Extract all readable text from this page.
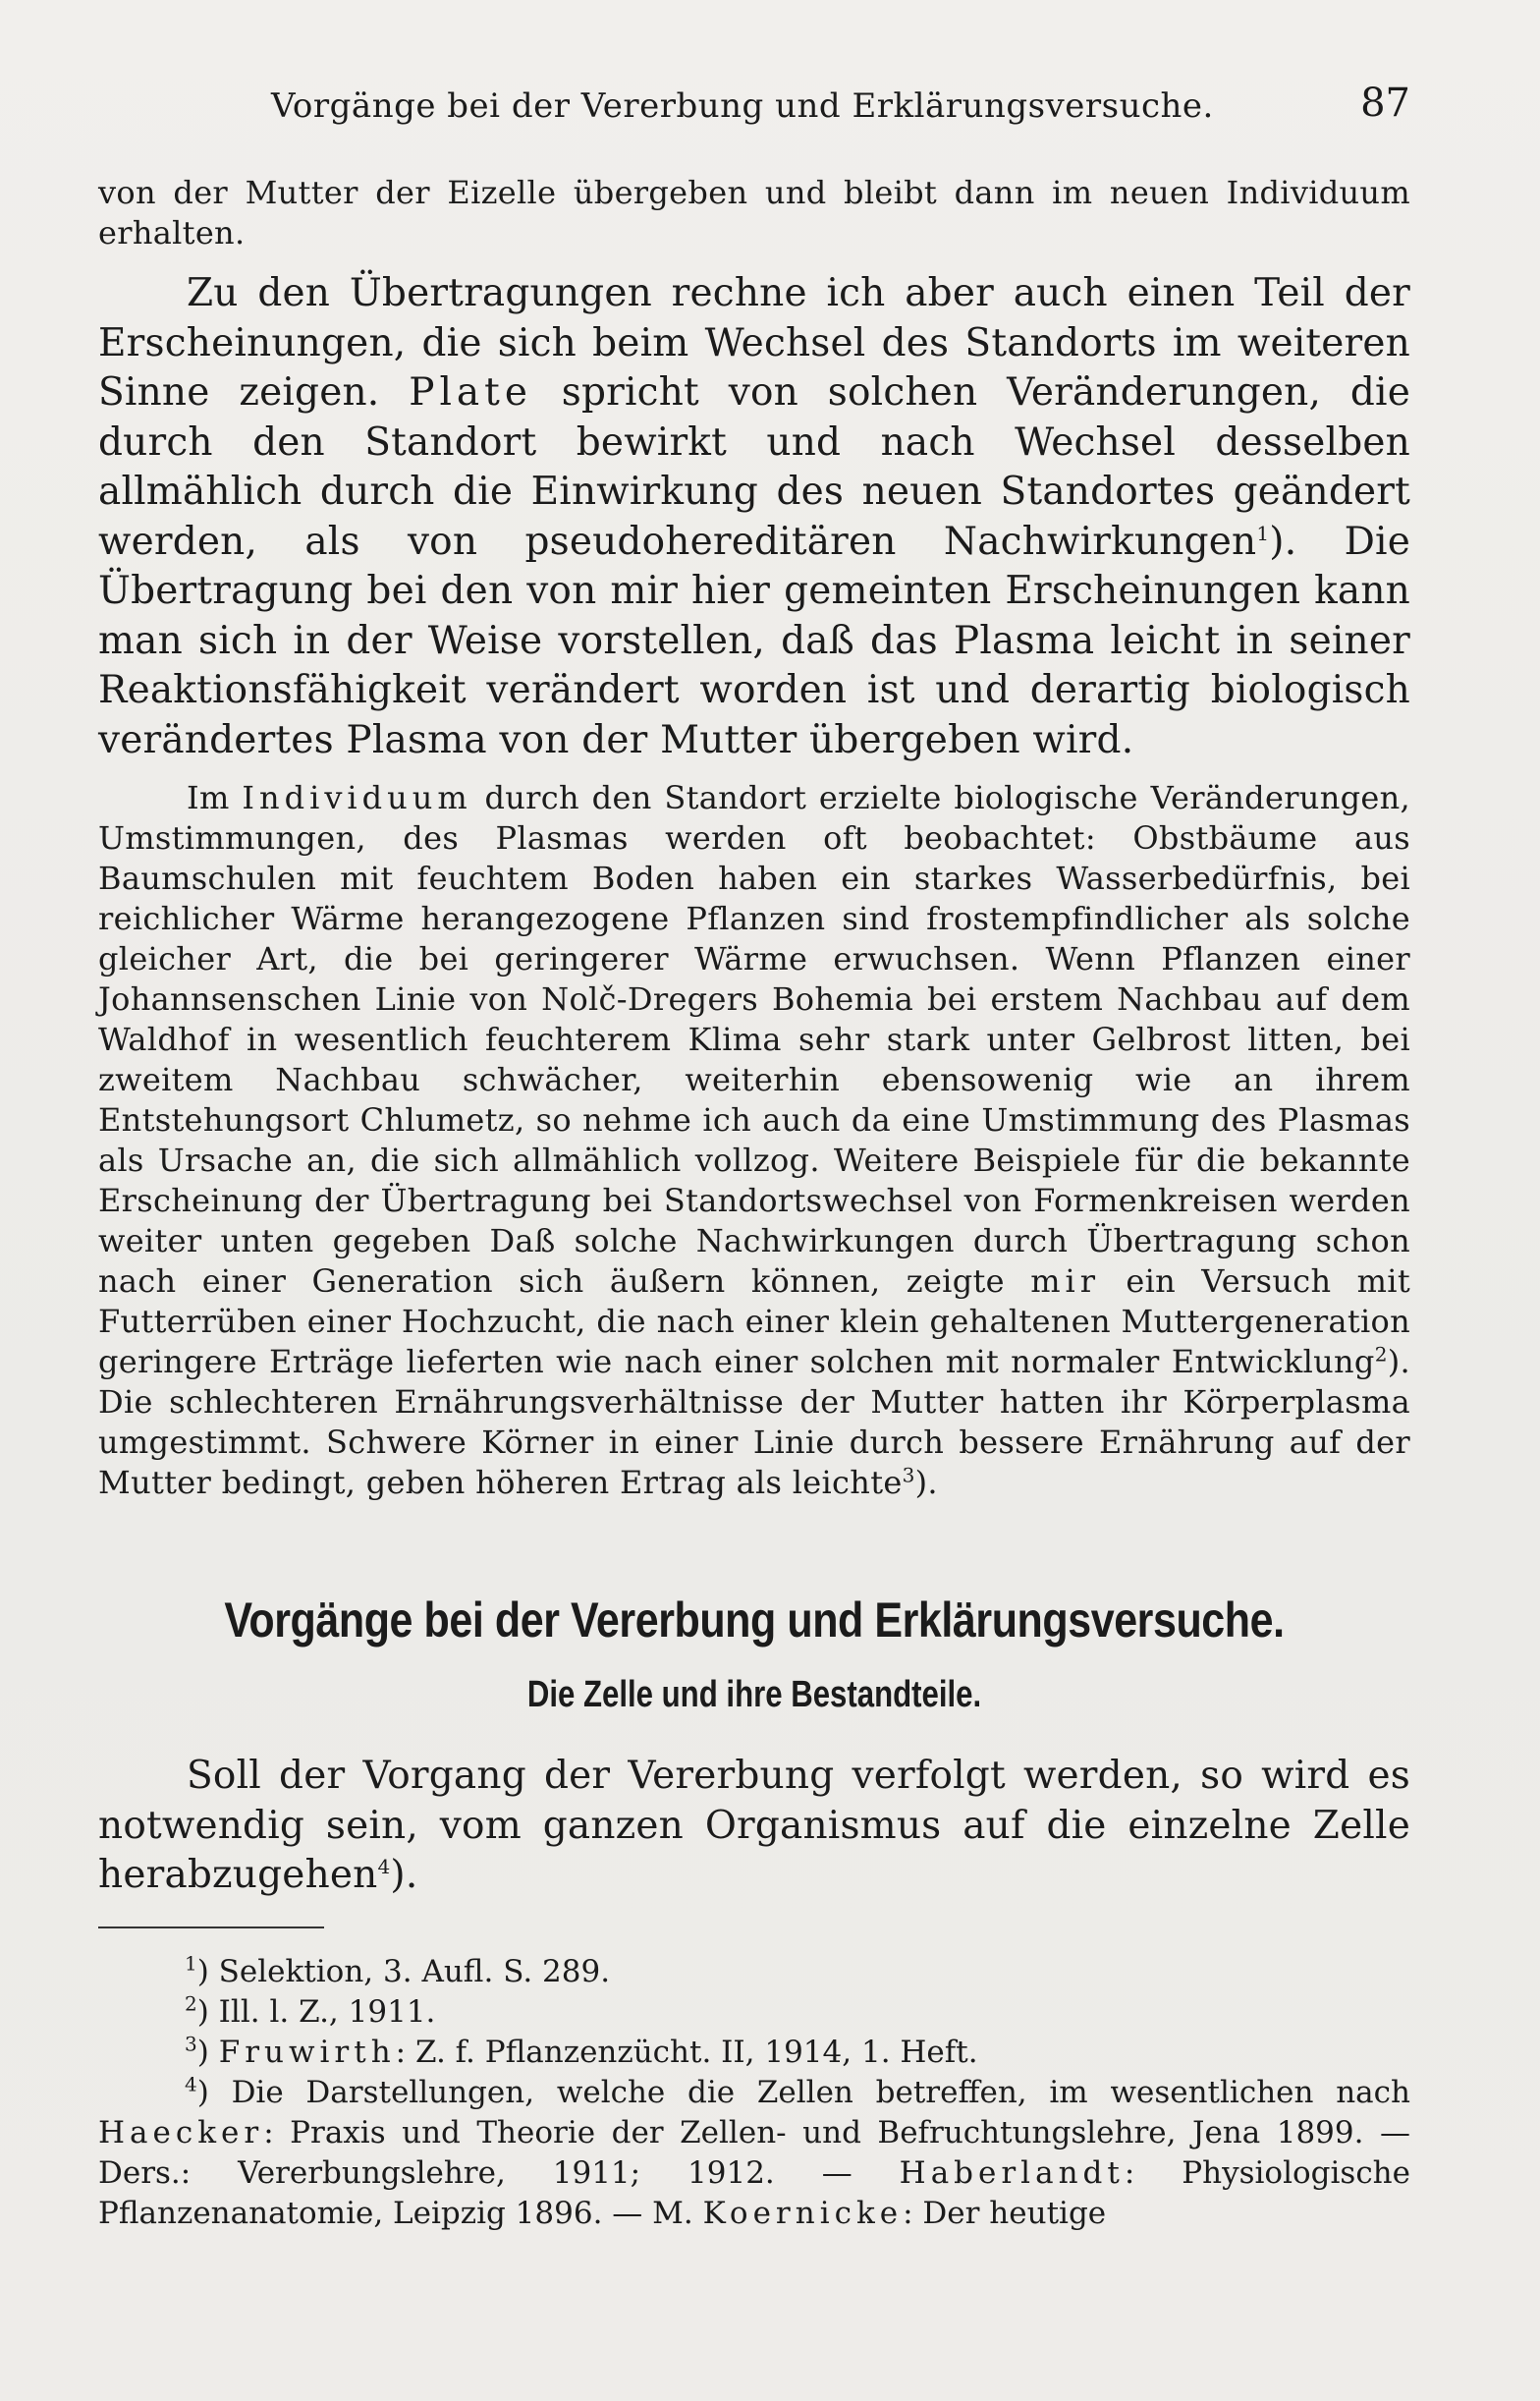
Vorgänge bei der Vererbung und Erklärungsversuche.	87

von der Mutter der Eizelle übergeben und bleibt dann im neuen Individuum erhalten.

Zu den Übertragungen rechne ich aber auch einen Teil der Erscheinungen, die sich beim Wechsel des Standorts im weiteren Sinne zeigen. Plate spricht von solchen Veränderungen, die durch den Standort bewirkt und nach Wechsel desselben allmählich durch die Einwirkung des neuen Standortes geändert werden, als von pseudohereditären Nachwirkungen$^1$). Die Übertragung bei den von mir hier gemeinten Erscheinungen kann man sich in der Weise vorstellen, daß das Plasma leicht in seiner Reaktionsfähigkeit verändert worden ist und derartig biologisch verändertes Plasma von der Mutter übergeben wird.

Im Individuum durch den Standort erzielte biologische Veränderungen, Umstimmungen, des Plasmas werden oft beobachtet: Obstbäume aus Baumschulen mit feuchtem Boden haben ein starkes Wasserbedürfnis, bei reichlicher Wärme herangezogene Pflanzen sind frostempfindlicher als solche gleicher Art, die bei geringerer Wärme erwuchsen. Wenn Pflanzen einer Johannsenschen Linie von Nolč-Dregers Bohemia bei erstem Nachbau auf dem Waldhof in wesentlich feuchterem Klima sehr stark unter Gelbrost litten, bei zweitem Nachbau schwächer, weiterhin ebensowenig wie an ihrem Entstehungsort Chlumetz, so nehme ich auch da eine Umstimmung des Plasmas als Ursache an, die sich allmählich vollzog. Weitere Beispiele für die bekannte Erscheinung der Übertragung bei Standortswechsel von Formenkreisen werden weiter unten gegeben Daß solche Nachwirkungen durch Übertragung schon nach einer Generation sich äußern können, zeigte mir ein Versuch mit Futterrüben einer Hochzucht, die nach einer klein gehaltenen Muttergeneration geringere Erträge lieferten wie nach einer solchen mit normaler Entwicklung$^2$). Die schlechteren Ernährungsverhältnisse der Mutter hatten ihr Körperplasma umgestimmt. Schwere Körner in einer Linie durch bessere Ernährung auf der Mutter bedingt, geben höheren Ertrag als leichte$^3$).

Vorgänge bei der Vererbung und Erklärungsversuche.
Die Zelle und ihre Bestandteile.

Soll der Vorgang der Vererbung verfolgt werden, so wird es notwendig sein, vom ganzen Organismus auf die einzelne Zelle herabzugehen$^4$).

$^1$) Selektion, 3. Aufl. S. 289.

$^2$) Ill. l. Z., 1911.

$^3$) Fruwirth: Z. f. Pflanzenzücht. II, 1914, 1. Heft.

$^4$) Die Darstellungen, welche die Zellen betreffen, im wesentlichen nach Haecker: Praxis und Theorie der Zellen- und Befruchtungslehre, Jena 1899. — Ders.: Vererbungslehre, 1911; 1912. — Haberlandt: Physiologische Pflanzenanatomie, Leipzig 1896. — M. Koernicke: Der heutige
